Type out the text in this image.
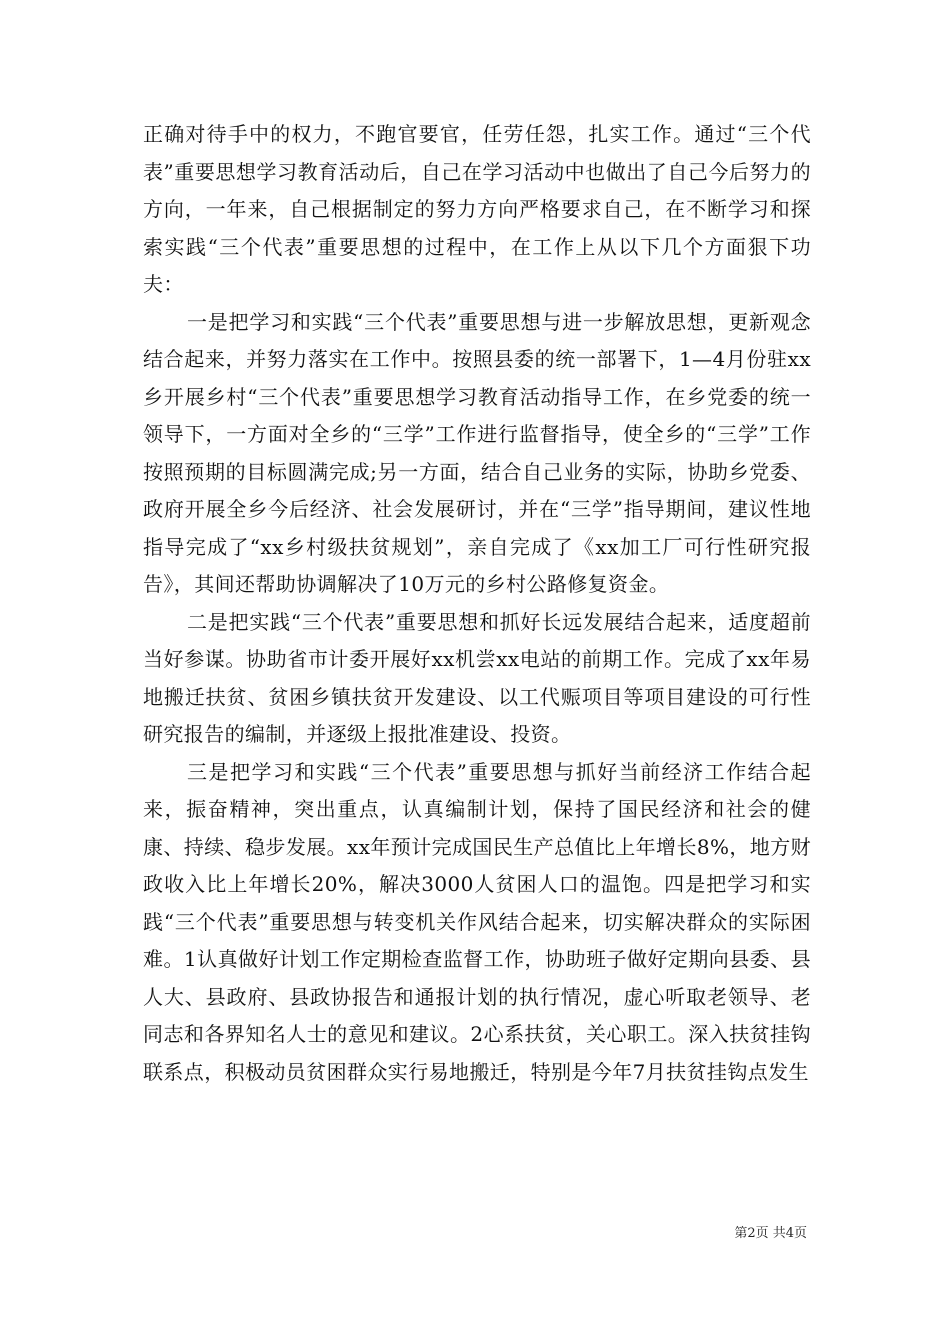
正确对待手中的权力，不跑官要官，任劳任怨，扎实工作。通过“三个代表”重要思想学习教育活动后，自己在学习活动中也做出了自己今后努力的方向，一年来，自己根据制定的努力方向严格要求自己，在不断学习和探索实践“三个代表”重要思想的过程中，在工作上从以下几个方面狠下功夫：

一是把学习和实践“三个代表”重要思想与进一步解放思想，更新观念结合起来，并努力落实在工作中。按照县委的统一部署下，1—4月份驻xx乡开展乡村“三个代表”重要思想学习教育活动指导工作，在乡党委的统一领导下，一方面对全乡的“三学”工作进行监督指导，使全乡的“三学”工作按照预期的目标圆满完成;另一方面，结合自己业务的实际，协助乡党委、政府开展全乡今后经济、社会发展研讨，并在“三学”指导期间，建议性地指导完成了“xx乡村级扶贫规划”，亲自完成了《xx加工厂可行性研究报告》，其间还帮助协调解决了10万元的乡村公路修复资金。

二是把实践“三个代表”重要思想和抓好长远发展结合起来，适度超前当好参谋。协助省市计委开展好xx机尝xx电站的前期工作。完成了xx年易地搬迁扶贫、贫困乡镇扶贫开发建设、以工代赈项目等项目建设的可行性研究报告的编制，并逐级上报批准建设、投资。

三是把学习和实践“三个代表”重要思想与抓好当前经济工作结合起来，振奋精神，突出重点，认真编制计划，保持了国民经济和社会的健康、持续、稳步发展。xx年预计完成国民生产总值比上年增长8%，地方财政收入比上年增长20%，解决3000人贫困人口的温饱。四是把学习和实践“三个代表”重要思想与转变机关作风结合起来，切实解决群众的实际困难。1认真做好计划工作定期检查监督工作，协助班子做好定期向县委、县人大、县政府、县政协报告和通报计划的执行情况，虚心听取老领导、老同志和各界知名人士的意见和建议。2心系扶贫，关心职工。深入扶贫挂钩联系点，积极动员贫困群众实行易地搬迁，特别是今年7月扶贫挂钩点发生

第2页 共4页
